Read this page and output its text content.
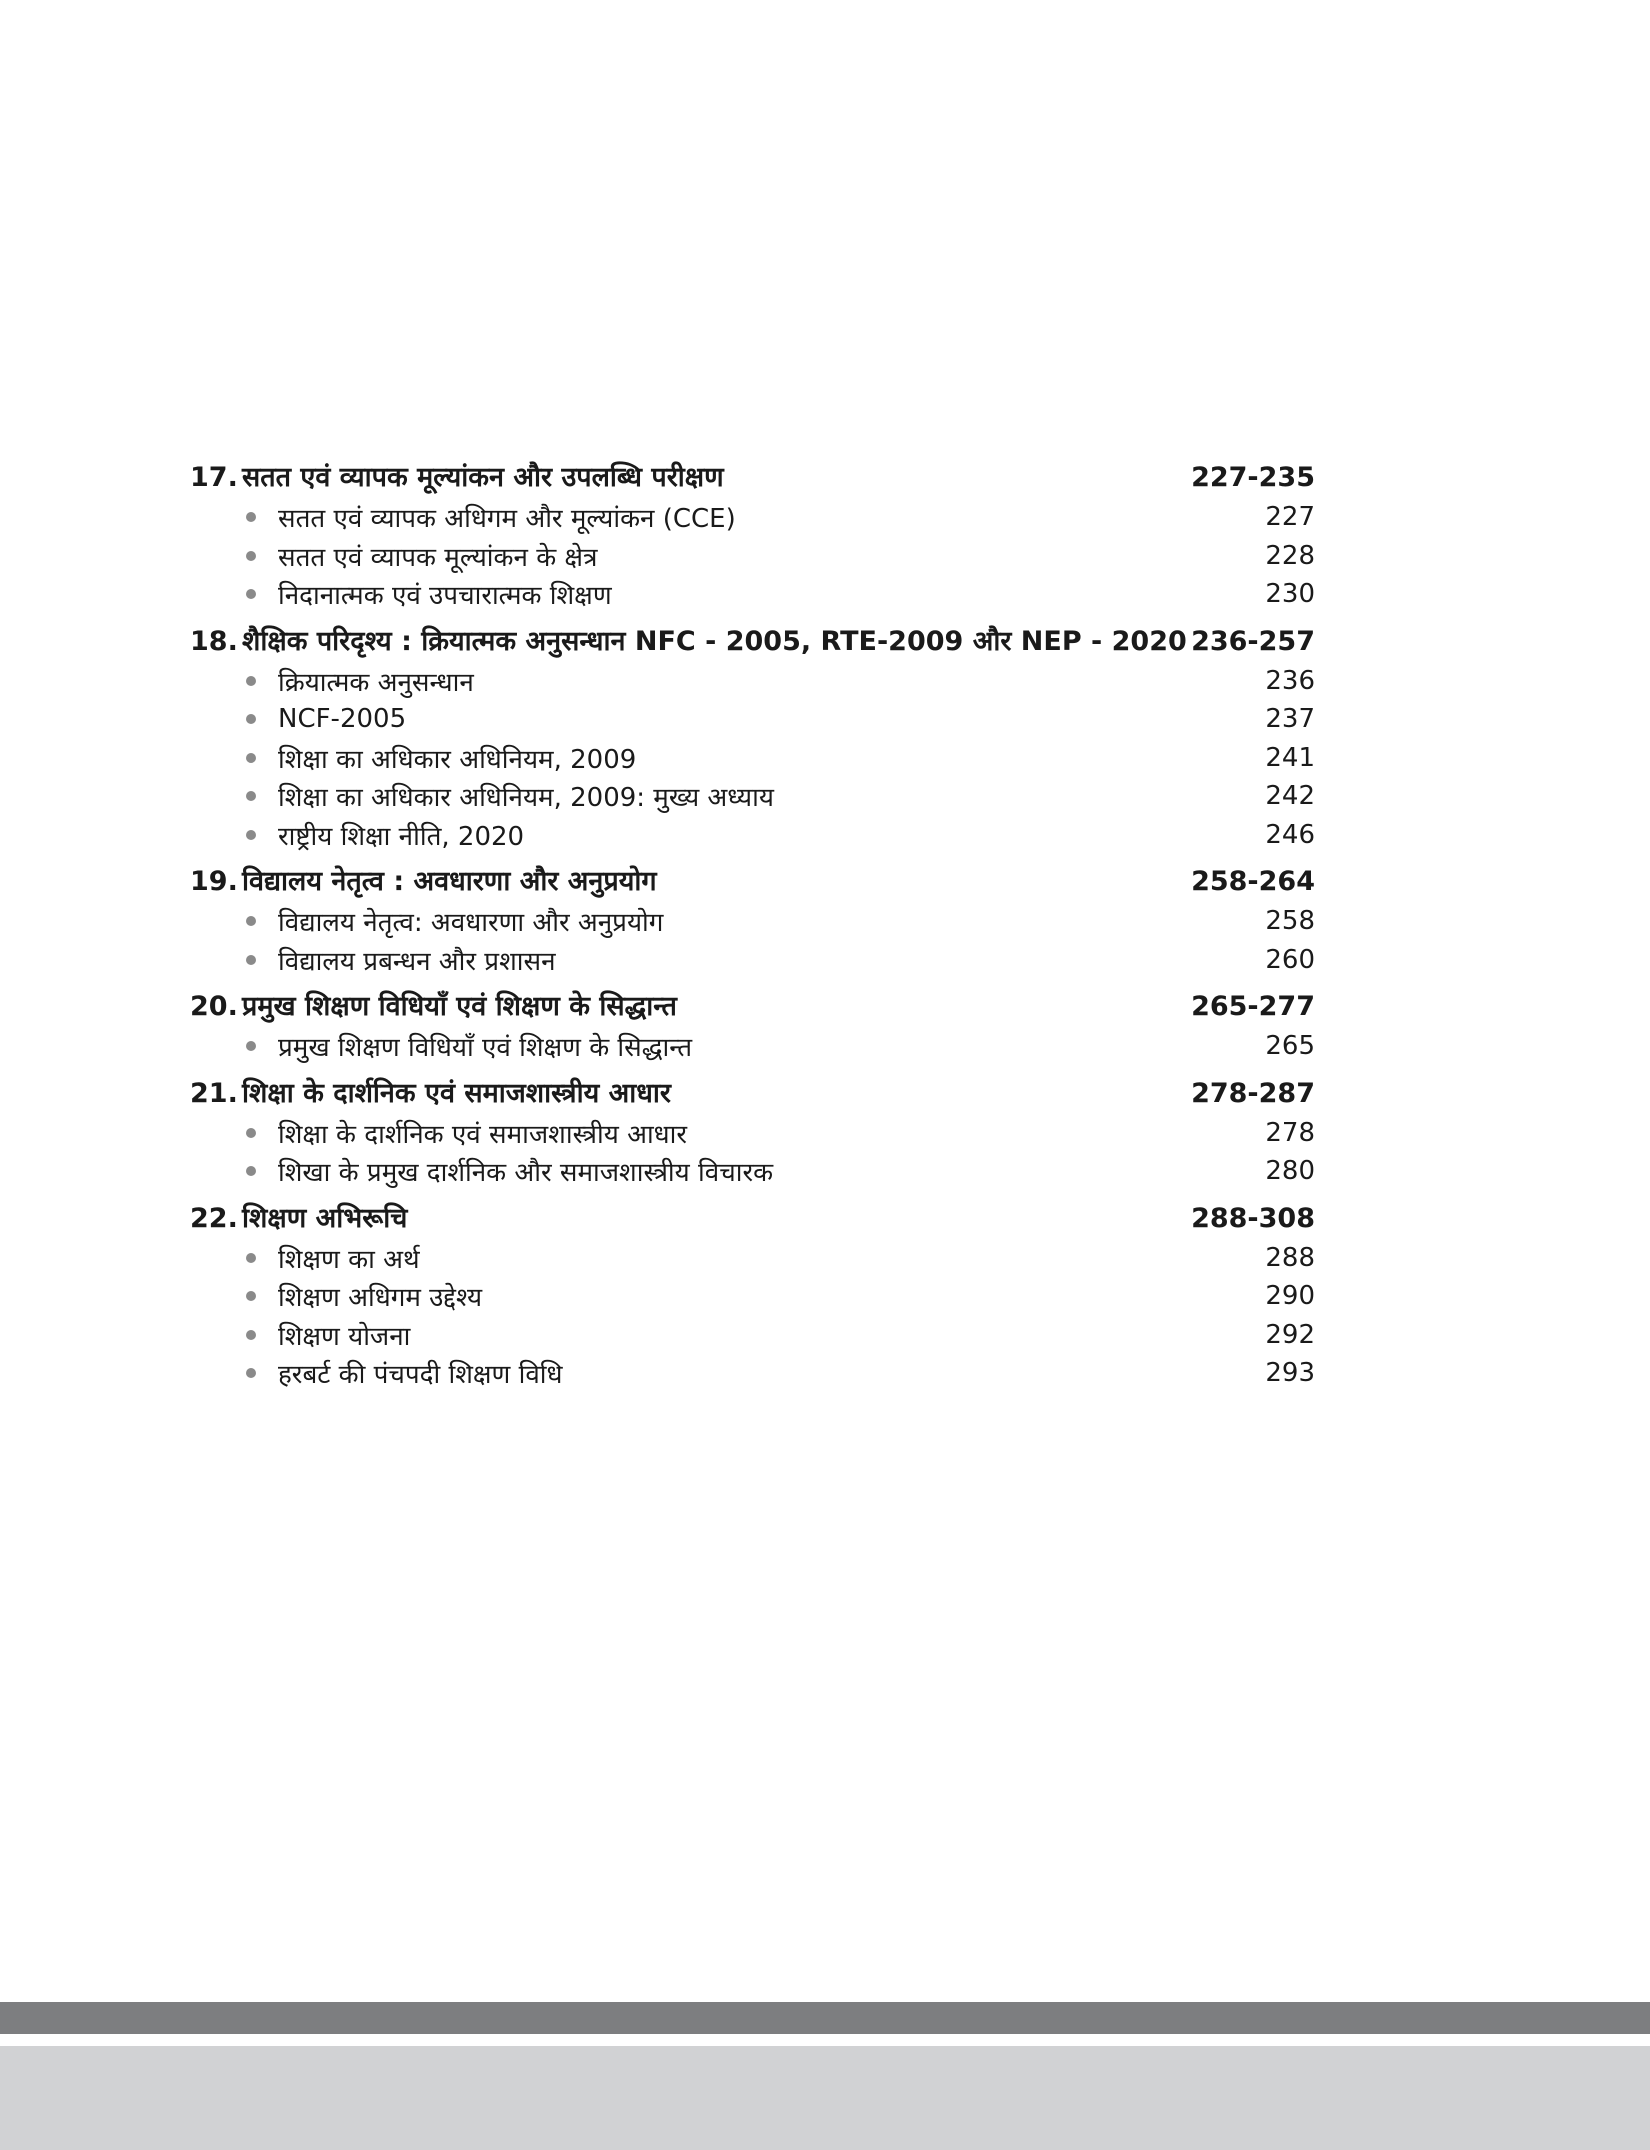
17. सतत एवं व्यापक मूल्यांकन और उपलब्धि परीक्षण	227-235
सतत एवं व्यापक अधिगम और मूल्यांकन (CCE)	227
सतत एवं व्यापक मूल्यांकन के क्षेत्र	228
निदानात्मक एवं उपचारात्मक शिक्षण	230
18. शैक्षिक परिदृश्य : क्रियात्मक अनुसन्धान NFC - 2005, RTE-2009 और NEP - 2020 236-257
क्रियात्मक अनुसन्धान	236
NCF-2005	237
शिक्षा का अधिकार अधिनियम, 2009	241
शिक्षा का अधिकार अधिनियम, 2009: मुख्य अध्याय	242
राष्ट्रीय शिक्षा नीति, 2020	246
19. विद्यालय नेतृत्व : अवधारणा और अनुप्रयोग	258-264
विद्यालय नेतृत्व: अवधारणा और अनुप्रयोग	258
विद्यालय प्रबन्धन और प्रशासन	260
20. प्रमुख शिक्षण विधियाँ एवं शिक्षण के सिद्धान्त	265-277
प्रमुख शिक्षण विधियाँ एवं शिक्षण के सिद्धान्त	265
21. शिक्षा के दार्शनिक एवं समाजशास्त्रीय आधार	278-287
शिक्षा के दार्शनिक एवं समाजशास्त्रीय आधार	278
शिखा के प्रमुख दार्शनिक और समाजशास्त्रीय विचारक	280
22. शिक्षण अभिरूचि	288-308
शिक्षण का अर्थ	288
शिक्षण अधिगम उद्देश्य	290
शिक्षण योजना	292
हरबर्ट की पंचपदी शिक्षण विधि	293
